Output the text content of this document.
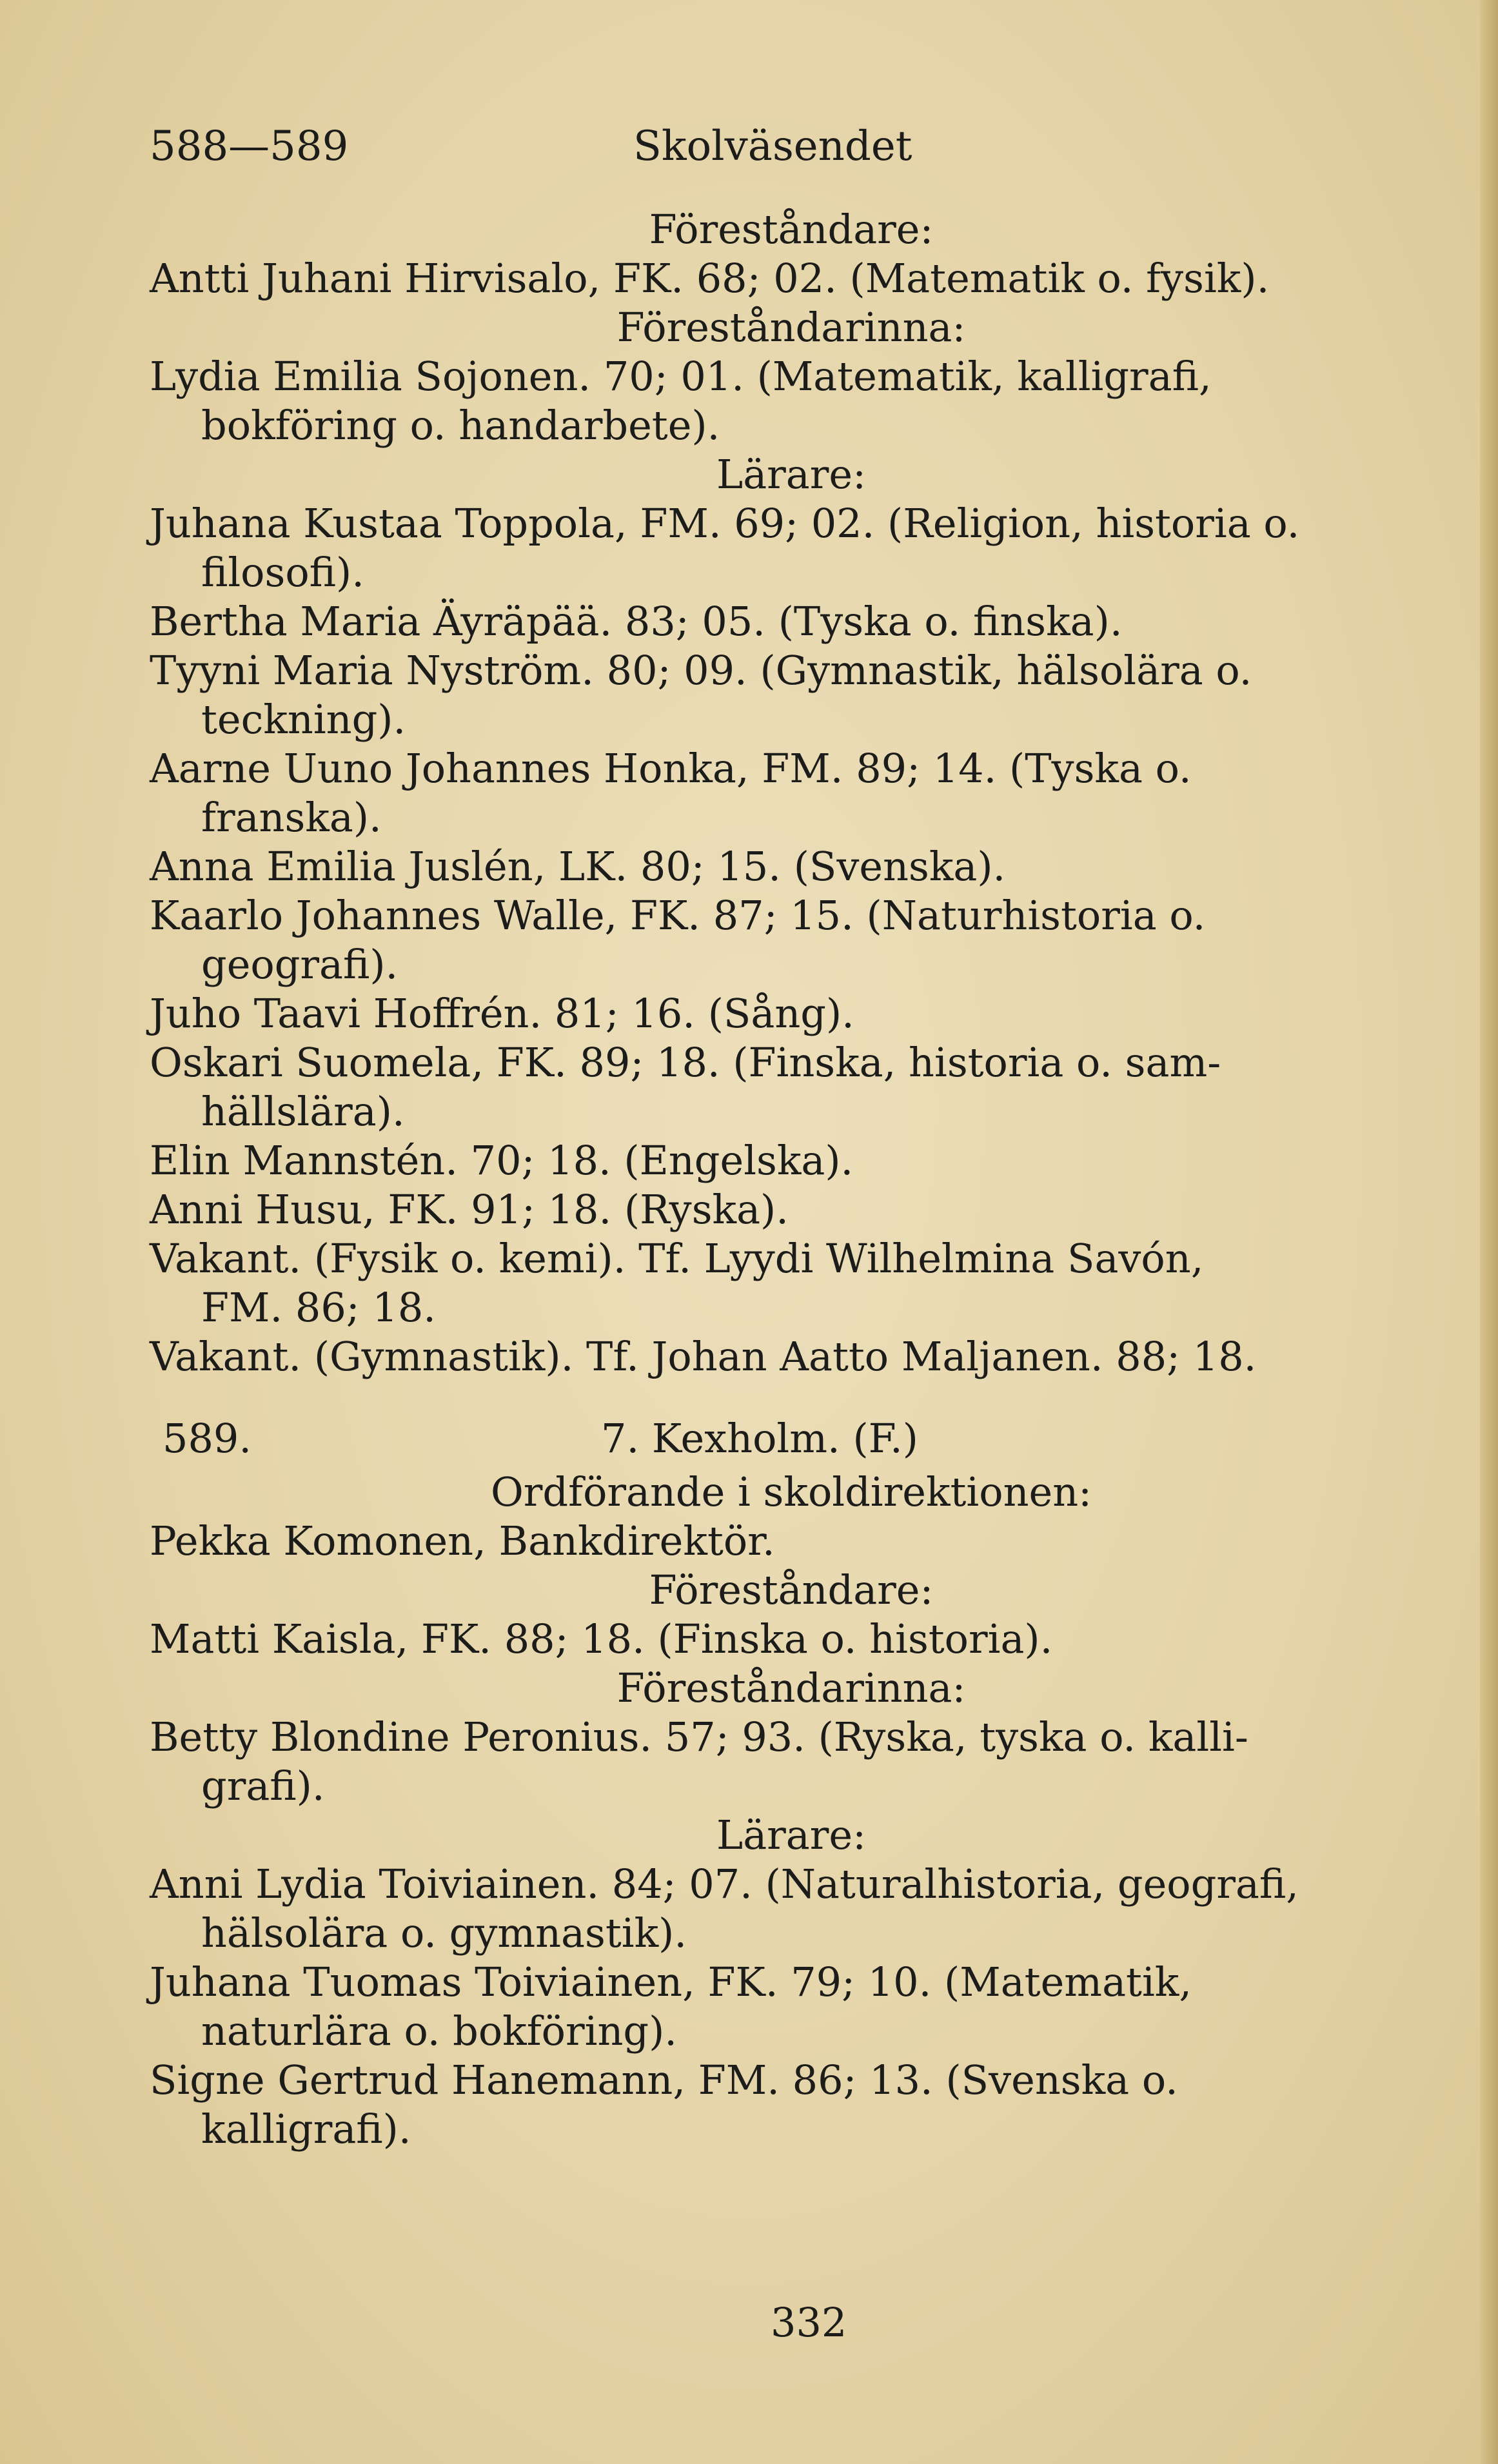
588—589	Skolväsendet
Föreståndare:
Antti Juhani Hirvisalo, FK. 68; 02. (Matematik o. fysik).
Föreståndarinna:
Lydia Emilia Sojonen. 70; 01. (Matematik, kalligrafi,
bokföring o. handarbete).
Lärare:
Juhana Kustaa Toppola, FM. 69; 02. (Religion, historia o.
filosofi).
Bertha Maria Äyräpää. 83; 05. (Tyska o. finska).
Tyyni Maria Nyström. 80; 09. (Gymnastik, hälsolära o.
teckning).
Aarne Uuno Johannes Honka, FM. 89; 14. (Tyska o.
franska).
Anna Emilia Juslén, LK. 80; 15. (Svenska).
Kaarlo Johannes Walle, FK. 87; 15. (Naturhistoria o.
geografi).
Juho Taavi Hoffrén. 81; 16. (Sång).
Oskari Suomela, FK. 89; 18. (Finska, historia o. sam-
hällslära).
Elin Mannstén. 70; 18. (Engelska).
Anni Husu, FK. 91; 18. (Ryska).
Vakant. (Fysik o. kemi). Tf. Lyydi Wilhelmina Savón,
FM. 86; 18.
Vakant. (Gymnastik). Tf. Johan Aatto Maljanen. 88; 18.
589.	7. Kexholm. (F.)
Ordförande i skoldirektionen:
Pekka Komonen, Bankdirektör.
Föreståndare:
Matti Kaisla, FK. 88; 18. (Finska o. historia).
Föreståndarinna:
Betty Blondine Peronius. 57; 93. (Ryska, tyska o. kalli-
grafi).
Lärare:
Anni Lydia Toiviainen. 84; 07. (Naturalhistoria, geografi,
hälsolära o. gymnastik).
Juhana Tuomas Toiviainen, FK. 79; 10. (Matematik,
naturlära o. bokföring).
Signe Gertrud Hanemann, FM. 86; 13. (Svenska o.
kalligrafi).
332
